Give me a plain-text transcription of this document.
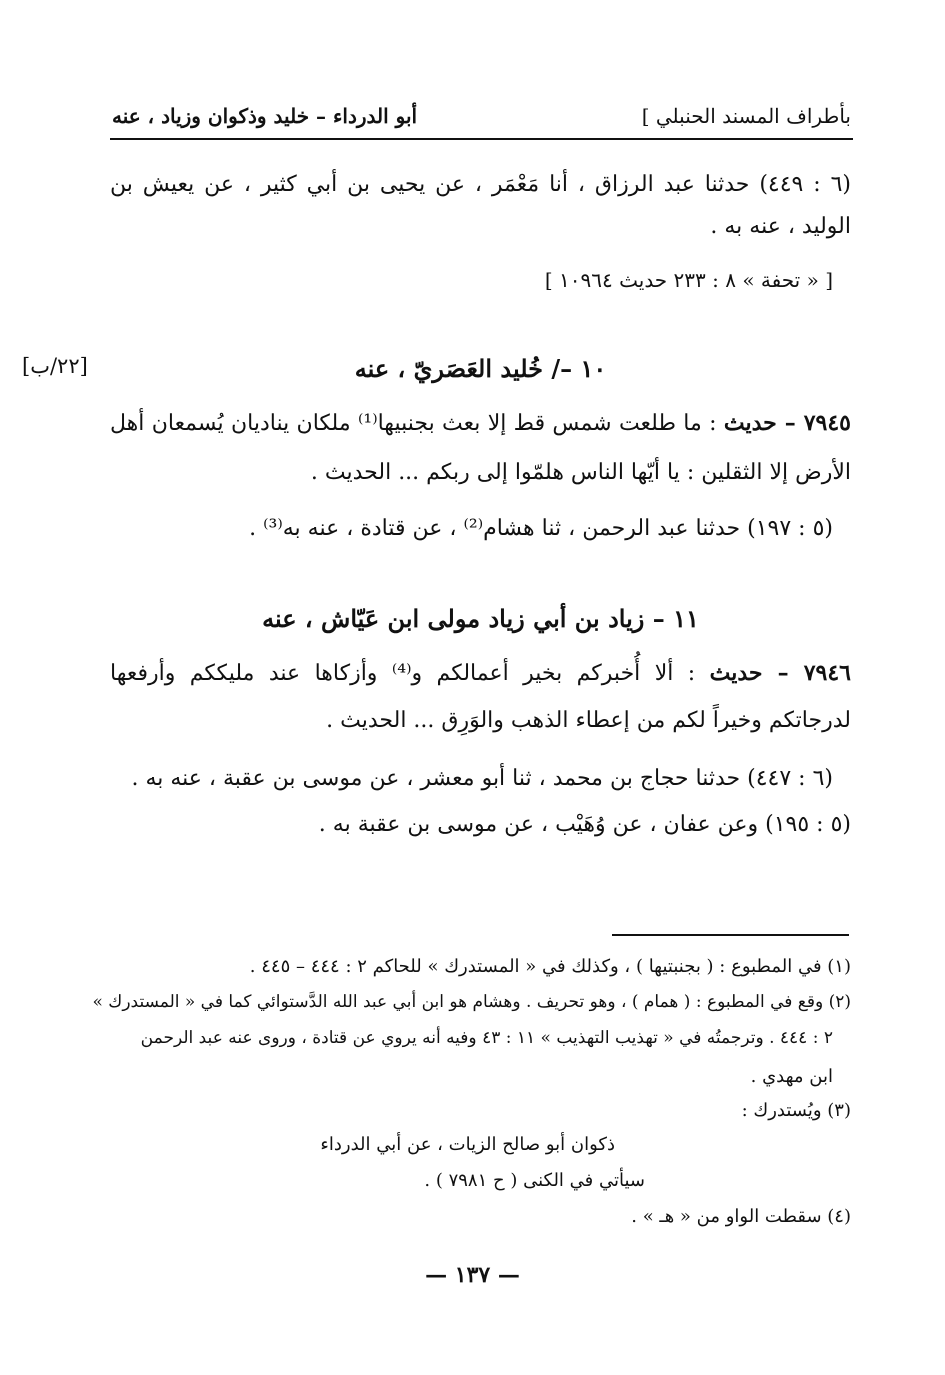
بأطراف المسند الحنبلي ]
أبو الدرداء – خليد وذكوان وزياد ، عنه
(٦ : ٤٤٩) حدثنا عبد الرزاق ، أنا مَعْمَر ، عن يحيى بن أبي كثير ، عن يعيش بن
الوليد ، عنه به .
[ « تحفة » ٨ : ٢٣٣ حديث ١٠٩٦٤ ]
١٠ –/ خُليد العَصَريّ ، عنه
[٢٢/ب]
٧٩٤٥ – حديث : ما طلعت شمس قط إلا بعث بجنبيها⁽¹⁾ ملكان يناديان يُسمعان أهل
الأرض إلا الثقلين : يا أيّها الناس هلمّوا إلى ربكم ... الحديث .
(٥ : ١٩٧) حدثنا عبد الرحمن ، ثنا هشام⁽²⁾ ، عن قتادة ، عنه به⁽³⁾ .
١١ – زياد بن أبي زياد مولى ابن عَيّاش ، عنه
٧٩٤٦ – حديث : ألا أُخبركم بخير أعمالكم و⁽⁴⁾ وأزكاها عند مليككم وأرفعها
لدرجاتكم وخيراً لكم من إعطاء الذهب والوَرِق ... الحديث .
(٦ : ٤٤٧) حدثنا حجاج بن محمد ، ثنا أبو معشر ، عن موسى بن عقبة ، عنه به .
(٥ : ١٩٥) وعن عفان ، عن وُهَيْب ، عن موسى بن عقبة به .
(١) في المطبوع : ( بجنبتيها ) ، وكذلك في « المستدرك » للحاكم ٢ : ٤٤٤ – ٤٤٥ .
(٢) وقع في المطبوع : ( همام ) ، وهو تحريف . وهشام هو ابن أبي عبد الله الدَّستوائي كما في « المستدرك »
٢ : ٤٤٤ . وترجمتُه في « تهذيب التهذيب » ١١ : ٤٣ وفيه أنه يروي عن قتادة ، وروى عنه عبد الرحمن
ابن مهدي .
(٣) ويُستدرك :
ذكوان أبو صالح الزيات ، عن أبي الدرداء
سيأتي في الكنى ( ح ٧٩٨١ ) .
(٤) سقطت الواو من « هـ » .
— ١٣٧ —
